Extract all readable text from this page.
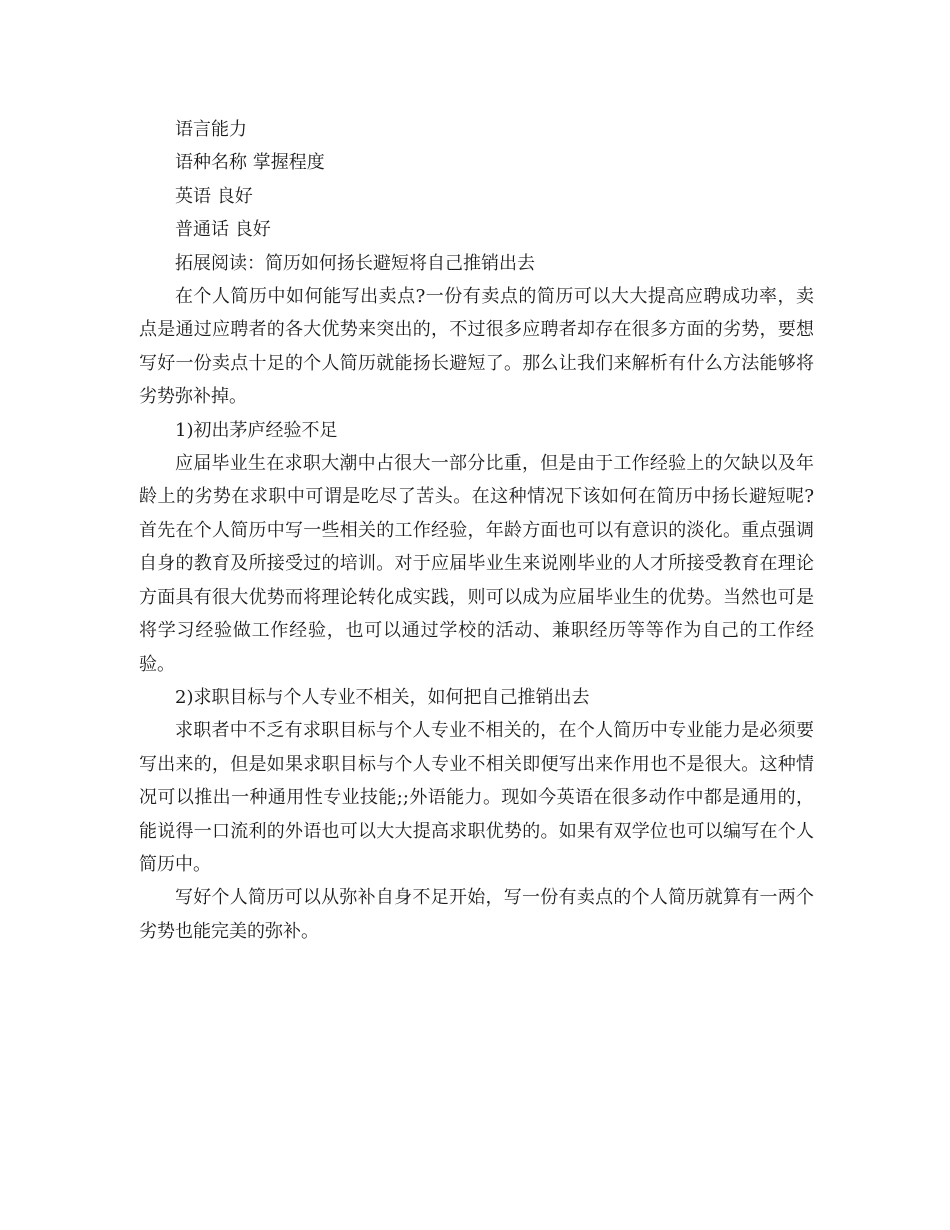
语言能力

语种名称 掌握程度

英语 良好

普通话 良好

拓展阅读：简历如何扬长避短将自己推销出去

在个人简历中如何能写出卖点?一份有卖点的简历可以大大提高应聘成功率，卖点是通过应聘者的各大优势来突出的，不过很多应聘者却存在很多方面的劣势，要想写好一份卖点十足的个人简历就能扬长避短了。那么让我们来解析有什么方法能够将劣势弥补掉。

1)初出茅庐经验不足

应届毕业生在求职大潮中占很大一部分比重，但是由于工作经验上的欠缺以及年龄上的劣势在求职中可谓是吃尽了苦头。在这种情况下该如何在简历中扬长避短呢?首先在个人简历中写一些相关的工作经验，年龄方面也可以有意识的淡化。重点强调自身的教育及所接受过的培训。对于应届毕业生来说刚毕业的人才所接受教育在理论方面具有很大优势而将理论转化成实践，则可以成为应届毕业生的优势。当然也可是将学习经验做工作经验，也可以通过学校的活动、兼职经历等等作为自己的工作经验。

2)求职目标与个人专业不相关，如何把自己推销出去

求职者中不乏有求职目标与个人专业不相关的，在个人简历中专业能力是必须要写出来的，但是如果求职目标与个人专业不相关即便写出来作用也不是很大。这种情况可以推出一种通用性专业技能;;外语能力。现如今英语在很多动作中都是通用的，能说得一口流利的外语也可以大大提高求职优势的。如果有双学位也可以编写在个人简历中。

写好个人简历可以从弥补自身不足开始，写一份有卖点的个人简历就算有一两个劣势也能完美的弥补。
